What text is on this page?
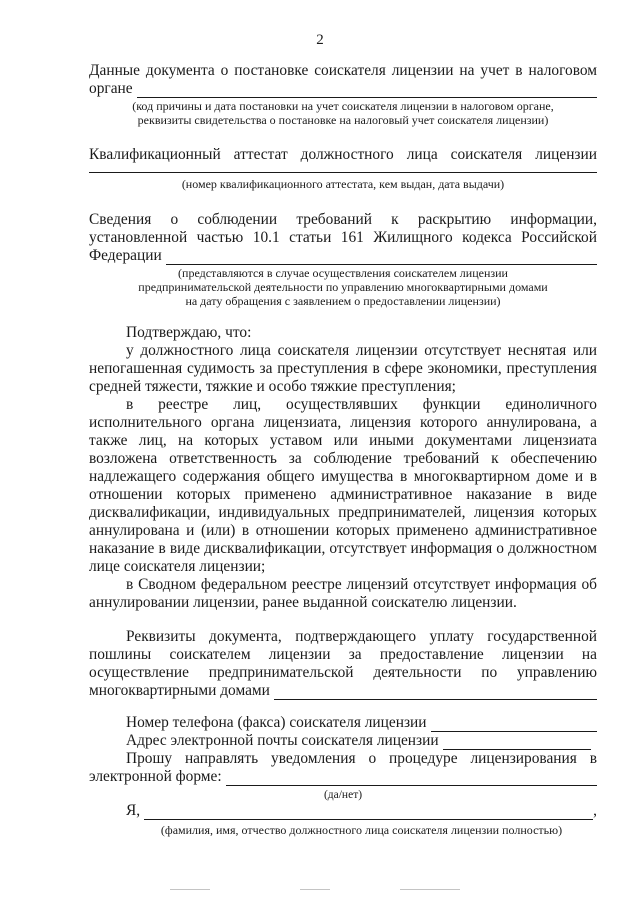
2
Данные документа о постановке соискателя лицензии на учет в налоговом
органе
(код причины и дата постановки на учет соискателя лицензии в налоговом органе,
реквизиты свидетельства о постановке на налоговый учет соискателя лицензии)
Квалификационный аттестат должностного лица соискателя лицензии
(номер квалификационного аттестата, кем выдан, дата выдачи)
Сведения о соблюдении требований к раскрытию информации,
установленной частью 10.1 статьи 161 Жилищного кодекса Российской
Федерации
(представляются в случае осуществления соискателем лицензии
предпринимательской деятельности по управлению многоквартирными домами
на дату обращения с заявлением о предоставлении лицензии)
Подтверждаю, что:
у должностного лица соискателя лицензии отсутствует неснятая или
непогашенная судимость за преступления в сфере экономики, преступления
средней тяжести, тяжкие и особо тяжкие преступления;
в реестре лиц, осуществлявших функции единоличного
исполнительного органа лицензиата, лицензия которого аннулирована, а
также лиц, на которых уставом или иными документами лицензиата
возложена ответственность за соблюдение требований к обеспечению
надлежащего содержания общего имущества в многоквартирном доме и в
отношении которых применено административное наказание в виде
дисквалификации, индивидуальных предпринимателей, лицензия которых
аннулирована и (или) в отношении которых применено административное
наказание в виде дисквалификации, отсутствует информация о должностном
лице соискателя лицензии;
в Сводном федеральном реестре лицензий отсутствует информация об
аннулировании лицензии, ранее выданной соискателю лицензии.
Реквизиты документа, подтверждающего уплату государственной
пошлины соискателем лицензии за предоставление лицензии на
осуществление предпринимательской деятельности по управлению
многоквартирными домами
Номер телефона (факса) соискателя лицензии
Адрес электронной почты соискателя лицензии
Прошу направлять уведомления о процедуре лицензирования в
электронной форме:
(да/нет)
Я,	,
(фамилия, имя, отчество должностного лица соискателя лицензии полностью)
